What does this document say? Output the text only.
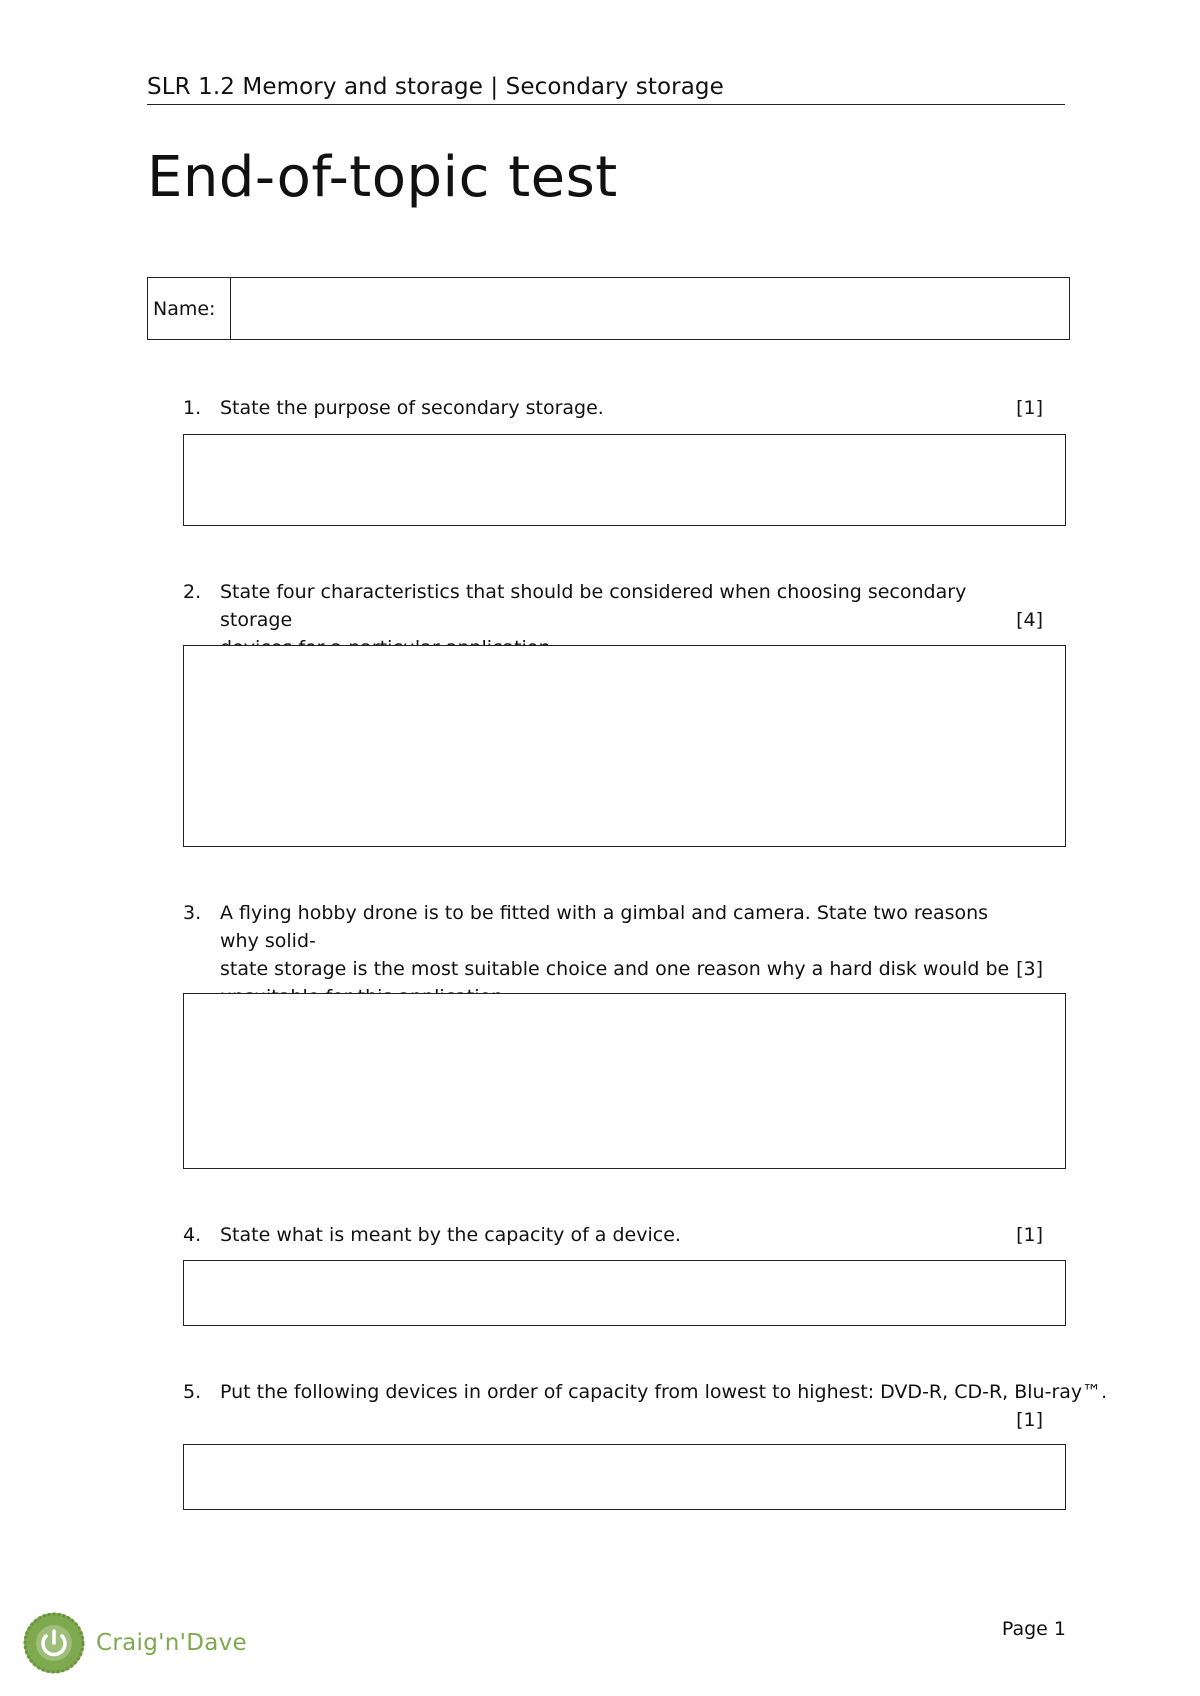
SLR 1.2 Memory and storage | Secondary storage
End-of-topic test
Name:
1. State the purpose of secondary storage.	[1]
2. State four characteristics that should be considered when choosing secondary storage	[4]
3. A flying hobby drone is to be fitted with a gimbal and camera. State two reasons why solid-
state storage is the most suitable choice and one reason why a hard disk would be [3]
4. State what is meant by the capacity of a device.	[1]
5. Put the following devices in order of capacity from lowest to highest: DVD-R, CD-R, Blu-ray™.
[1]
Page 1
Craig'n'Dave
